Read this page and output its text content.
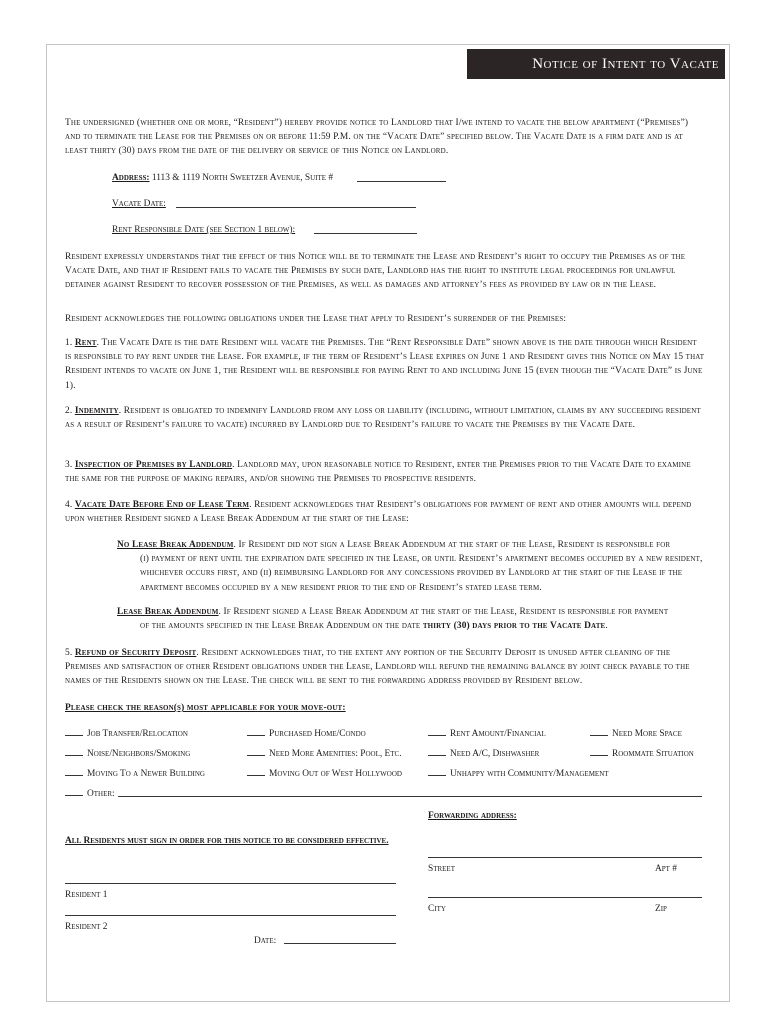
Notice of Intent to Vacate
The undersigned (whether one or more, “Resident”) hereby provide notice to Landlord that I/we intend to vacate the below apartment (“Premises”) and to terminate the Lease for the Premises on or before 11:59 P.M. on the “Vacate Date” specified below. The Vacate Date is a firm date and is at least thirty (30) days from the date of the delivery or service of this Notice on Landlord.
Address: 1113 & 1119 North Sweetzer Avenue, Suite #
Vacate Date:
Rent Responsible Date (see Section 1 below):
Resident expressly understands that the effect of this Notice will be to terminate the Lease and Resident’s right to occupy the Premises as of the Vacate Date, and that if Resident fails to vacate the Premises by such date, Landlord has the right to institute legal proceedings for unlawful detainer against Resident to recover possession of the Premises, as well as damages and attorney’s fees as provided by law or in the Lease.
Resident acknowledges the following obligations under the Lease that apply to Resident’s surrender of the Premises:
1. Rent. The Vacate Date is the date Resident will vacate the Premises. The “Rent Responsible Date” shown above is the date through which Resident is responsible to pay rent under the Lease. For example, if the term of Resident’s Lease expires on June 1 and Resident gives this Notice on May 15 that Resident intends to vacate on June 1, the Resident will be responsible for paying Rent to and including June 15 (even though the “Vacate Date” is June 1).
2. Indemnity. Resident is obligated to indemnify Landlord from any loss or liability (including, without limitation, claims by any succeeding resident as a result of Resident’s failure to vacate) incurred by Landlord due to Resident’s failure to vacate the Premises by the Vacate Date.
3. Inspection of Premises by Landlord. Landlord may, upon reasonable notice to Resident, enter the Premises prior to the Vacate Date to examine the same for the purpose of making repairs, and/or showing the Premises to prospective residents.
4. Vacate Date Before End of Lease Term. Resident acknowledges that Resident’s obligations for payment of rent and other amounts will depend upon whether Resident signed a Lease Break Addendum at the start of the Lease:
No Lease Break Addendum. If Resident did not sign a Lease Break Addendum at the start of the Lease, Resident is responsible for
(i) payment of rent until the expiration date specified in the Lease, or until Resident’s apartment becomes occupied by a new resident, whichever occurs first, and (ii) reimbursing Landlord for any concessions provided by Landlord at the start of the Lease if the apartment becomes occupied by a new resident prior to the end of Resident’s stated lease term.
Lease Break Addendum. If Resident signed a Lease Break Addendum at the start of the Lease, Resident is responsible for payment
of the amounts specified in the Lease Break Addendum on the date thirty (30) days prior to the Vacate Date.
5. Refund of Security Deposit. Resident acknowledges that, to the extent any portion of the Security Deposit is unused after cleaning of the Premises and satisfaction of other Resident obligations under the Lease, Landlord will refund the remaining balance by joint check payable to the names of the Residents shown on the Lease. The check will be sent to the forwarding address provided by Resident below.
Please check the reason(s) most applicable for your move-out:
Job Transfer/Relocation	Purchased Home/Condo	Rent Amount/Financial	Need More Space
Noise/Neighbors/Smoking	Need More Amenities: Pool, Etc.	Need A/C, Dishwasher	Roommate Situation
Moving To a Newer Building	Moving Out of West Hollywood	Unhappy with Community/Management
Other:
Forwarding address:
All Residents must sign in order for this notice to be considered effective.
Street	Apt #
Resident 1
City	Zip
Resident 2
Date:
